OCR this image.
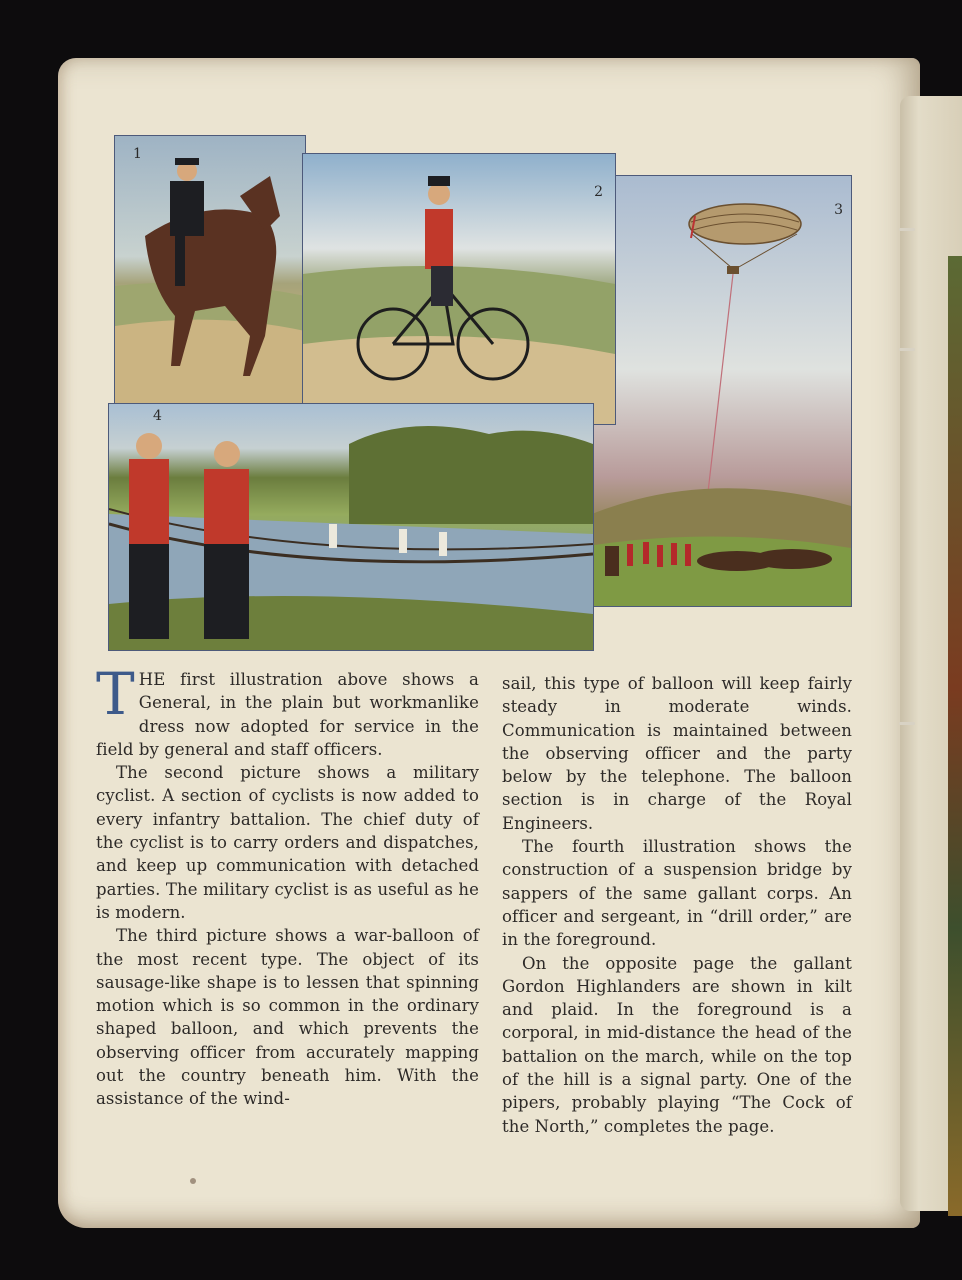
3
1
2
4

THE first illustration above shows a General, in the plain but workmanlike dress now adopted for service in the field by general and staff officers.

The second picture shows a military cyclist. A section of cyclists is now added to every infantry battalion. The chief duty of the cyclist is to carry orders and dispatches, and keep up communication with detached parties. The military cyclist is as useful as he is modern.

The third picture shows a war-balloon of the most recent type. The object of its sausage-like shape is to lessen that spinning motion which is so common in the ordinary shaped balloon, and which prevents the observing officer from accurately mapping out the country beneath him. With the assistance of the wind-

sail, this type of balloon will keep fairly steady in moderate winds. Communication is maintained between the observing officer and the party below by the telephone. The balloon section is in charge of the Royal Engineers.

The fourth illustration shows the construction of a suspension bridge by sappers of the same gallant corps. An officer and sergeant, in “drill order,” are in the foreground.

On the opposite page the gallant Gordon Highlanders are shown in kilt and plaid. In the foreground is a corporal, in mid-distance the head of the battalion on the march, while on the top of the hill is a signal party. One of the pipers, probably playing “The Cock of the North,” completes the page.
